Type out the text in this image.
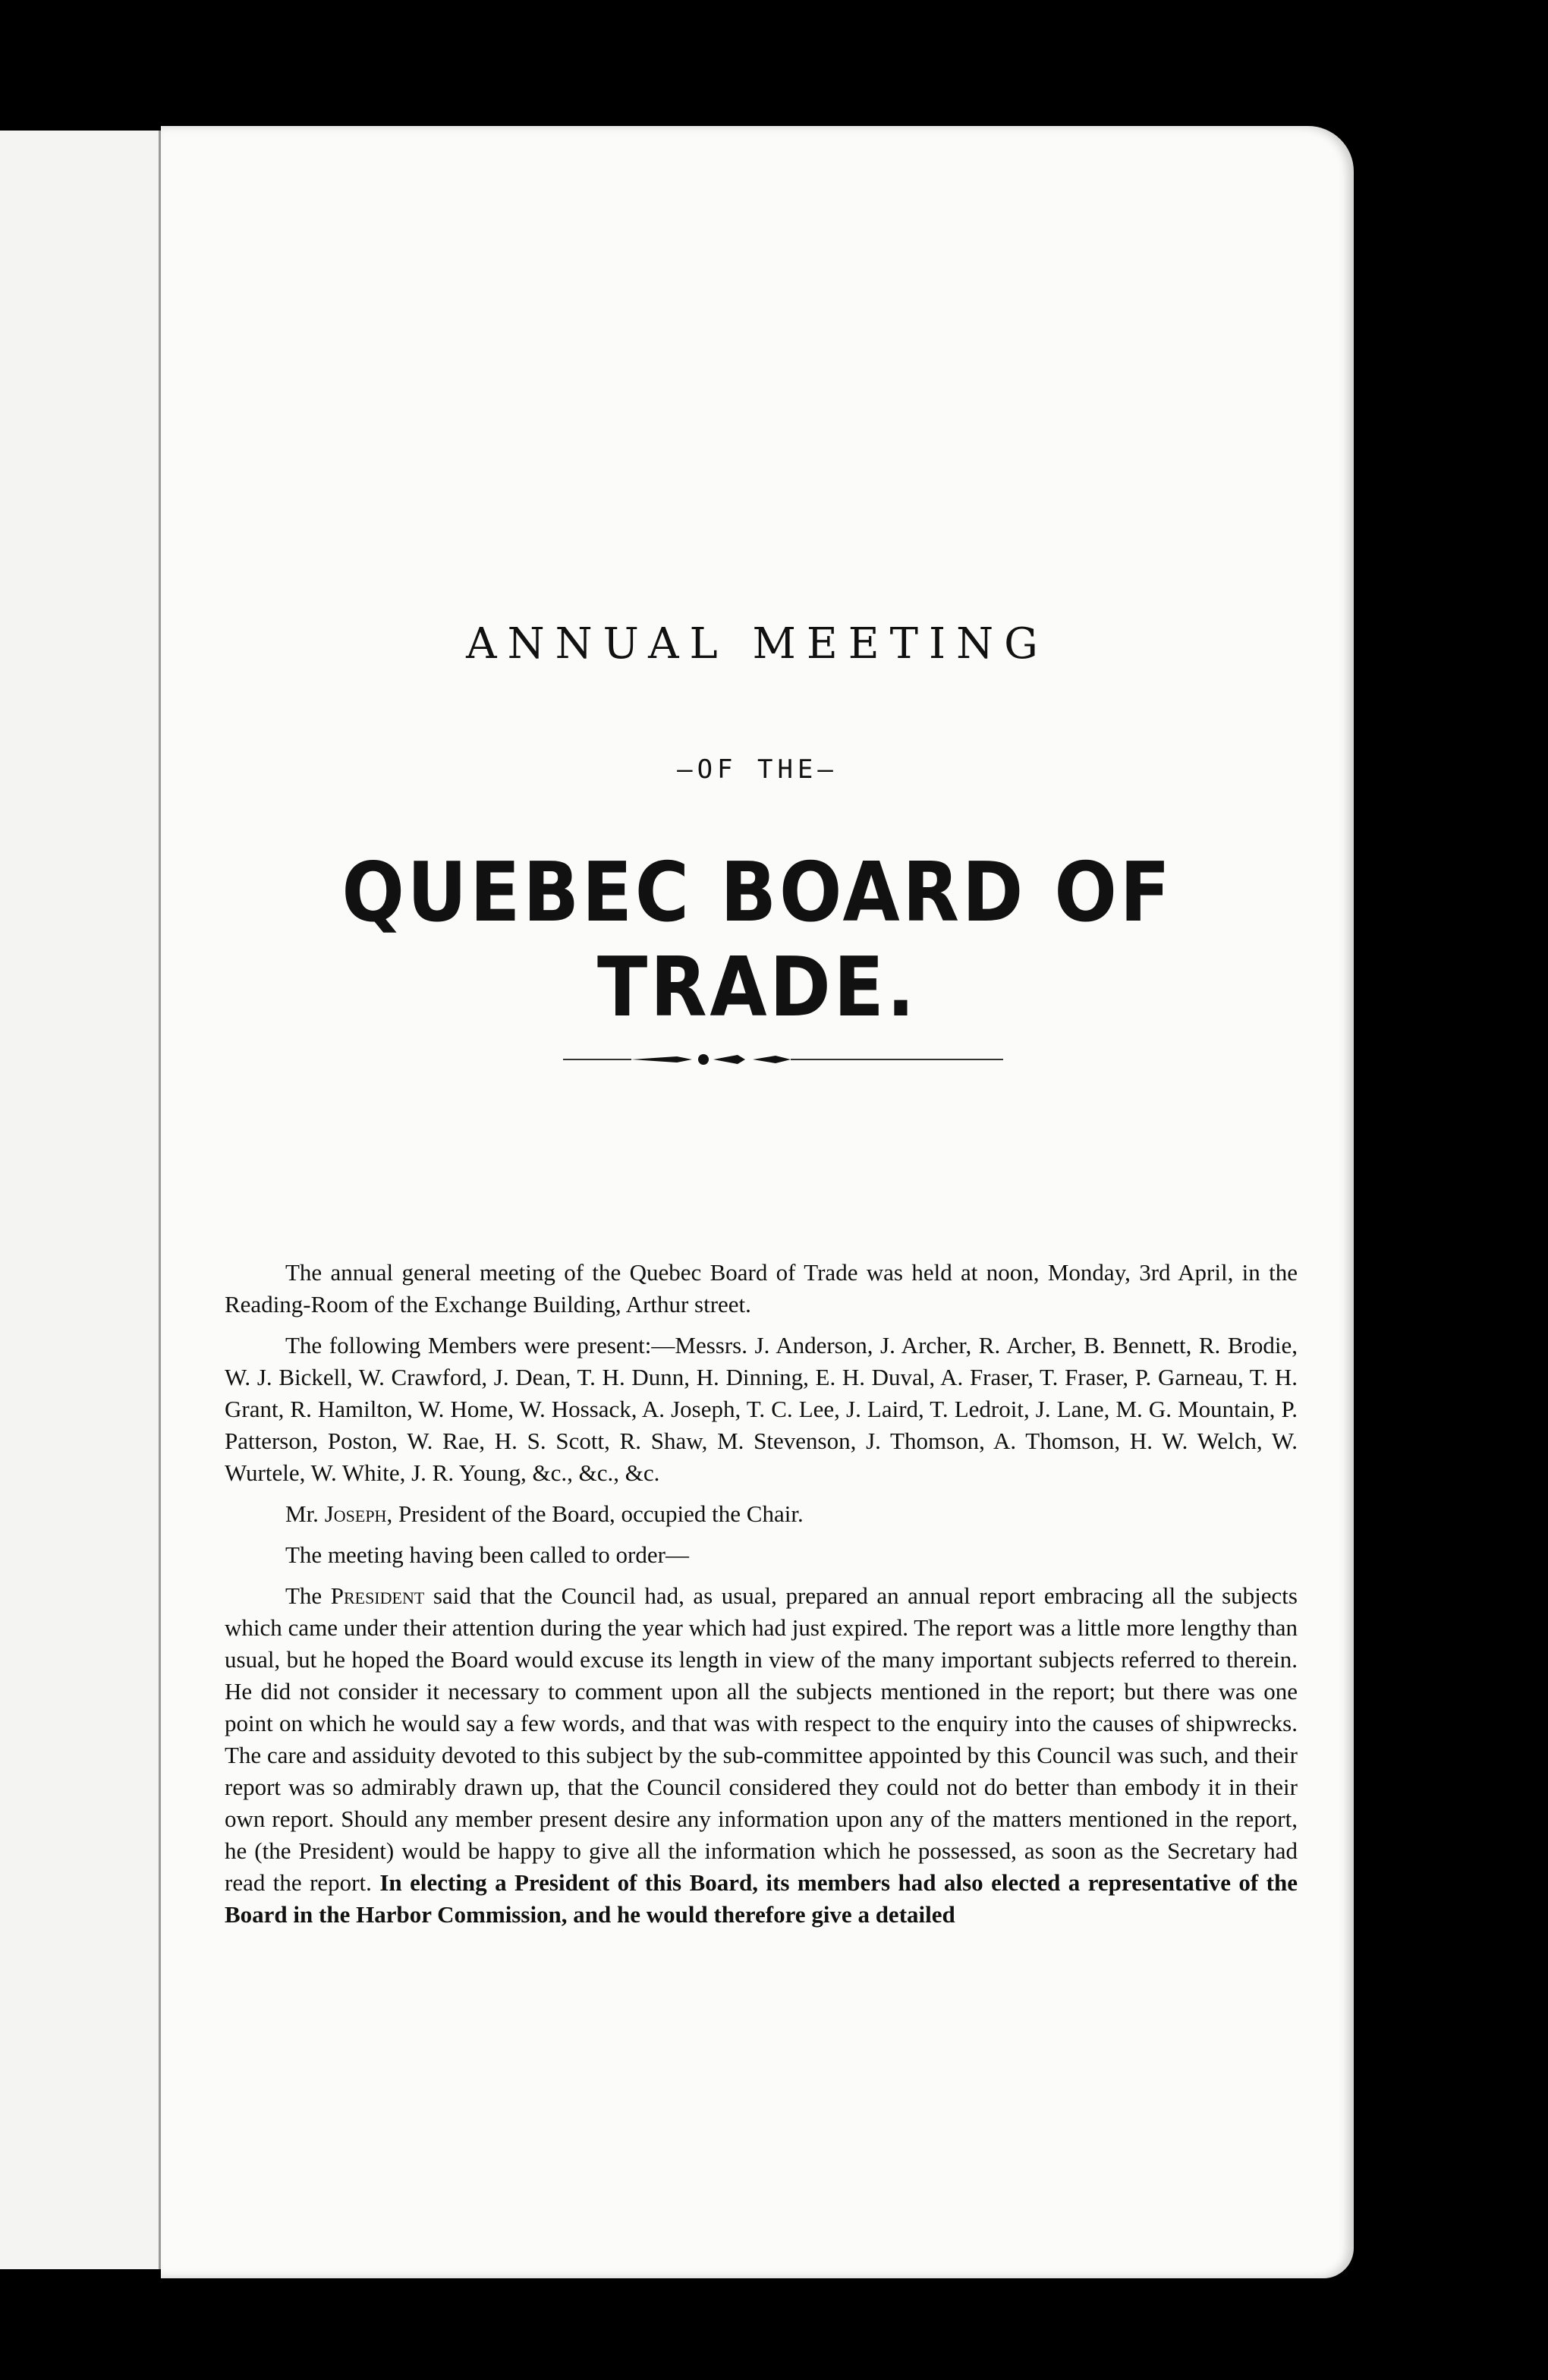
ANNUAL MEETING
—OF THE—
QUEBEC BOARD OF TRADE.

The annual general meeting of the Quebec Board of Trade was held at noon, Monday, 3rd April, in the Reading-Room of the Exchange Building, Arthur street.

The following Members were present:—Messrs. J. Anderson, J. Archer, R. Archer, B. Bennett, R. Brodie, W. J. Bickell, W. Crawford, J. Dean, T. H. Dunn, H. Dinning, E. H. Duval, A. Fraser, T. Fraser, P. Garneau, T. H. Grant, R. Hamilton, W. Home, W. Hossack, A. Joseph, T. C. Lee, J. Laird, T. Ledroit, J. Lane, M. G. Mountain, P. Patterson, Poston, W. Rae, H. S. Scott, R. Shaw, M. Stevenson, J. Thomson, A. Thomson, H. W. Welch, W. Wurtele, W. White, J. R. Young, &c., &c., &c.

Mr. Joseph, President of the Board, occupied the Chair.

The meeting having been called to order—

The President said that the Council had, as usual, prepared an annual report embracing all the subjects which came under their attention during the year which had just expired. The report was a little more lengthy than usual, but he hoped the Board would excuse its length in view of the many important subjects referred to therein. He did not consider it necessary to comment upon all the subjects mentioned in the report; but there was one point on which he would say a few words, and that was with respect to the enquiry into the causes of shipwrecks. The care and assiduity devoted to this subject by the sub-committee appointed by this Council was such, and their report was so admirably drawn up, that the Council considered they could not do better than embody it in their own report. Should any member present desire any information upon any of the matters mentioned in the report, he (the President) would be happy to give all the information which he possessed, as soon as the Secretary had read the report. In electing a President of this Board, its members had also elected a representative of the Board in the Harbor Commission, and he would therefore give a detailed
